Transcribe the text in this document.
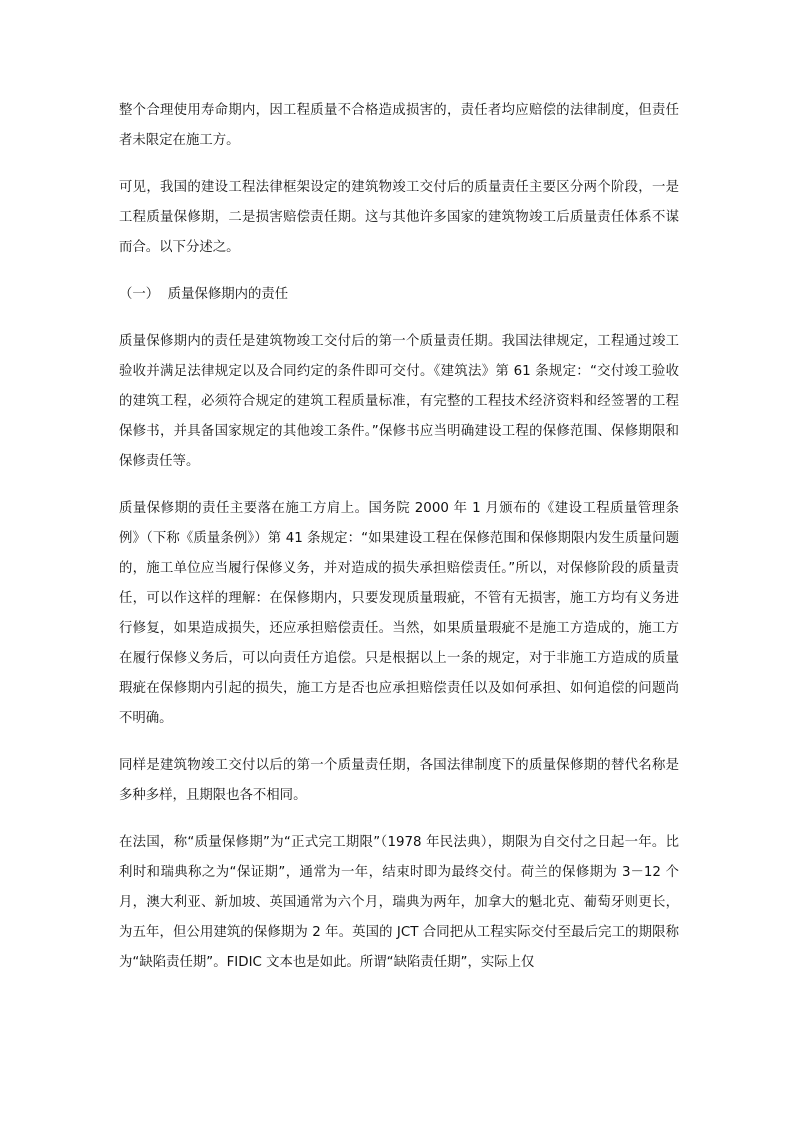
整个合理使用寿命期内，因工程质量不合格造成损害的，责任者均应赔偿的法律制度，但责任者未限定在施工方。

可见，我国的建设工程法律框架设定的建筑物竣工交付后的质量责任主要区分两个阶段，一是工程质量保修期，二是损害赔偿责任期。这与其他许多国家的建筑物竣工后质量责任体系不谋而合。以下分述之。

（一）  质量保修期内的责任

质量保修期内的责任是建筑物竣工交付后的第一个质量责任期。我国法律规定，工程通过竣工验收并满足法律规定以及合同约定的条件即可交付。《建筑法》第 61 条规定：“交付竣工验收的建筑工程，必须符合规定的建筑工程质量标准，有完整的工程技术经济资料和经签署的工程保修书，并具备国家规定的其他竣工条件。”保修书应当明确建设工程的保修范围、保修期限和保修责任等。

质量保修期的责任主要落在施工方肩上。国务院 2000 年 1 月颁布的《建设工程质量管理条例》（下称《质量条例》）第 41 条规定：“如果建设工程在保修范围和保修期限内发生质量问题的，施工单位应当履行保修义务，并对造成的损失承担赔偿责任。”所以，对保修阶段的质量责任，可以作这样的理解：在保修期内，只要发现质量瑕疵，不管有无损害，施工方均有义务进行修复，如果造成损失，还应承担赔偿责任。当然，如果质量瑕疵不是施工方造成的，施工方在履行保修义务后，可以向责任方追偿。只是根据以上一条的规定，对于非施工方造成的质量瑕疵在保修期内引起的损失，施工方是否也应承担赔偿责任以及如何承担、如何追偿的问题尚不明确。

同样是建筑物竣工交付以后的第一个质量责任期，各国法律制度下的质量保修期的替代名称是多种多样，且期限也各不相同。

在法国，称“质量保修期”为“正式完工期限”（1978 年民法典），期限为自交付之日起一年。比利时和瑞典称之为“保证期”，通常为一年，结束时即为最终交付。荷兰的保修期为 3－12 个月，澳大利亚、新加坡、英国通常为六个月，瑞典为两年，加拿大的魁北克、葡萄牙则更长，为五年，但公用建筑的保修期为 2 年。英国的 JCT 合同把从工程实际交付至最后完工的期限称为“缺陷责任期”。FIDIC 文本也是如此。所谓“缺陷责任期”，实际上仅
